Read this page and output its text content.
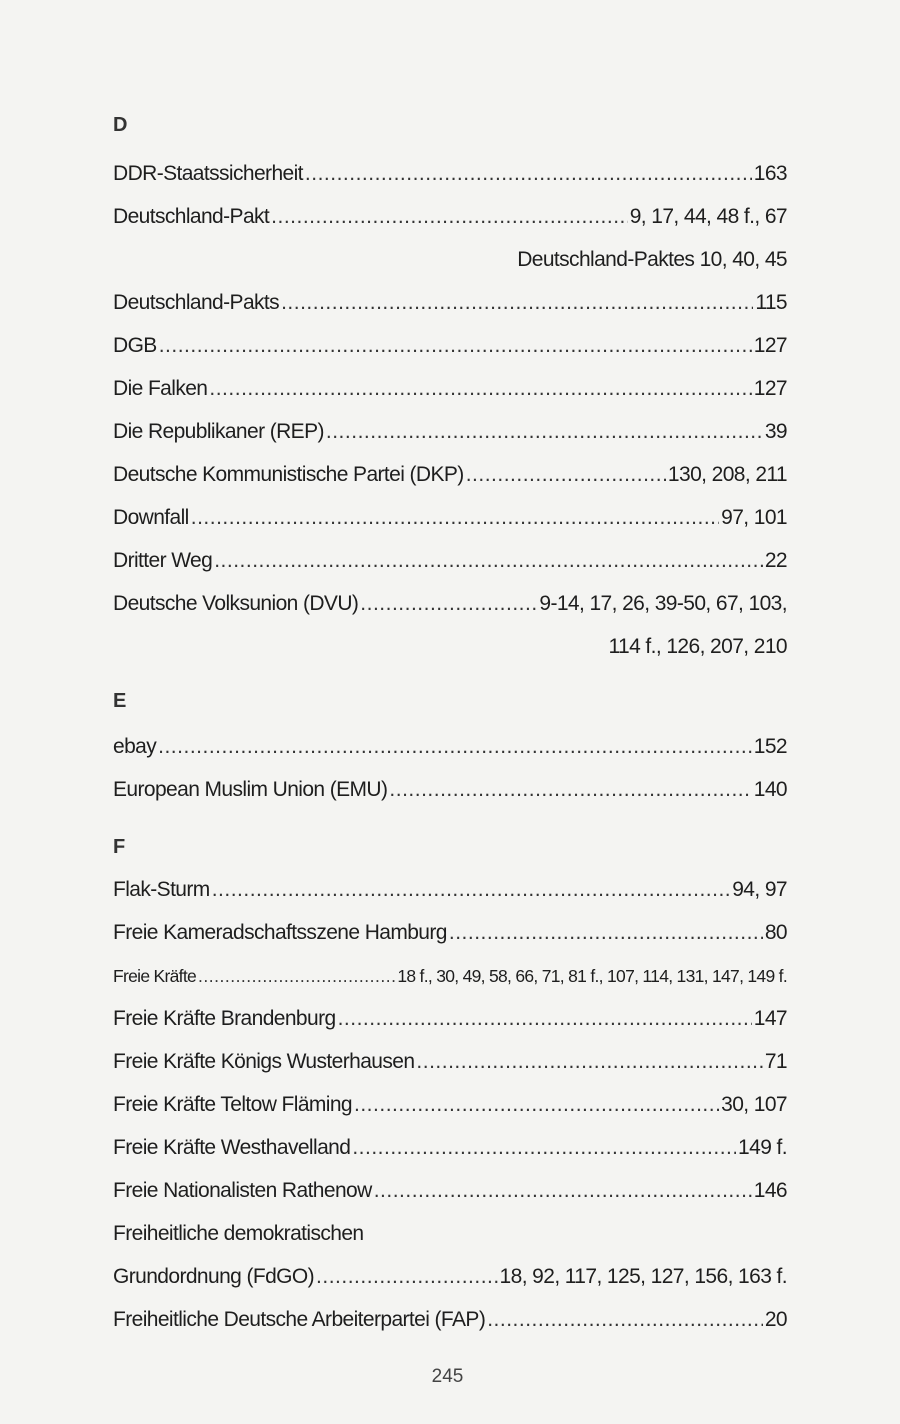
D
DDR-Staatssicherheit .....	163
Deutschland-Pakt .....	9, 17, 44, 48 f., 67
Deutschland-Paktes 10, 40, 45
Deutschland-Pakts .....	115
DGB .....	127
Die Falken .....	127
Die Republikaner (REP) .....	39
Deutsche Kommunistische Partei (DKP) .....	130, 208, 211
Downfall .....	97, 101
Dritter Weg .....	22
Deutsche Volksunion (DVU) .....	9-14, 17, 26, 39-50, 67, 103,
114 f., 126, 207, 210
E
ebay .....	152
European Muslim Union (EMU) .....	140
F
Flak-Sturm .....	94, 97
Freie Kameradschaftsszene Hamburg .....	80
Freie Kräfte .....	18 f., 30, 49, 58, 66, 71, 81 f., 107, 114, 131, 147, 149 f.
Freie Kräfte Brandenburg .....	147
Freie Kräfte Königs Wusterhausen .....	71
Freie Kräfte Teltow Fläming .....	30, 107
Freie Kräfte Westhavelland .....	149 f.
Freie Nationalisten Rathenow .....	146
Freiheitliche demokratischen
Grundordnung (FdGO) .....	18, 92, 117, 125, 127, 156, 163 f.
Freiheitliche Deutsche Arbeiterpartei (FAP) .....	20
245
